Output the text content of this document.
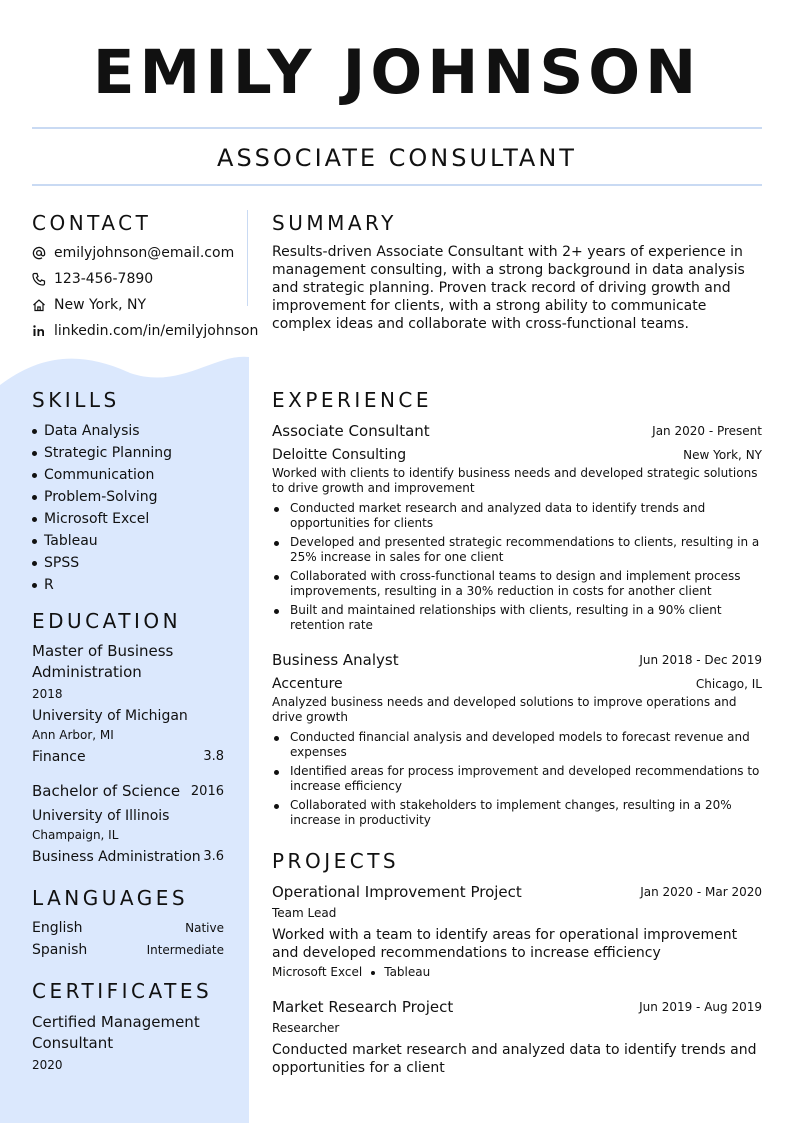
EMILY JOHNSON
ASSOCIATE CONSULTANT
CONTACT
emilyjohnson@email.com
123-456-7890
New York, NY
linkedin.com/in/emilyjohnson
SKILLS
Data Analysis
Strategic Planning
Communication
Problem-Solving
Microsoft Excel
Tableau
SPSS
R
EDUCATION
Master of Business Administration
2018
University of Michigan
Ann Arbor, MI
Finance	3.8
Bachelor of Science 2016
University of Illinois
Champaign, IL
Business Administration 3.6
LANGUAGES
English	Native
Spanish	Intermediate
CERTIFICATES
Certified Management Consultant
2020
SUMMARY
Results-driven Associate Consultant with 2+ years of experience in management consulting, with a strong background in data analysis and strategic planning. Proven track record of driving growth and improvement for clients, with a strong ability to communicate complex ideas and collaborate with cross-functional teams.
EXPERIENCE
Associate Consultant	Jan 2020 - Present
Deloitte Consulting	New York, NY
Worked with clients to identify business needs and developed strategic solutions to drive growth and improvement
Conducted market research and analyzed data to identify trends and opportunities for clients
Developed and presented strategic recommendations to clients, resulting in a 25% increase in sales for one client
Collaborated with cross-functional teams to design and implement process improvements, resulting in a 30% reduction in costs for another client
Built and maintained relationships with clients, resulting in a 90% client retention rate
Business Analyst	Jun 2018 - Dec 2019
Accenture	Chicago, IL
Analyzed business needs and developed solutions to improve operations and drive growth
Conducted financial analysis and developed models to forecast revenue and expenses
Identified areas for process improvement and developed recommendations to increase efficiency
Collaborated with stakeholders to implement changes, resulting in a 20% increase in productivity
PROJECTS
Operational Improvement Project	Jan 2020 - Mar 2020
Team Lead
Worked with a team to identify areas for operational improvement and developed recommendations to increase efficiency
Microsoft Excel Tableau
Market Research Project	Jun 2019 - Aug 2019
Researcher
Conducted market research and analyzed data to identify trends and opportunities for a client
